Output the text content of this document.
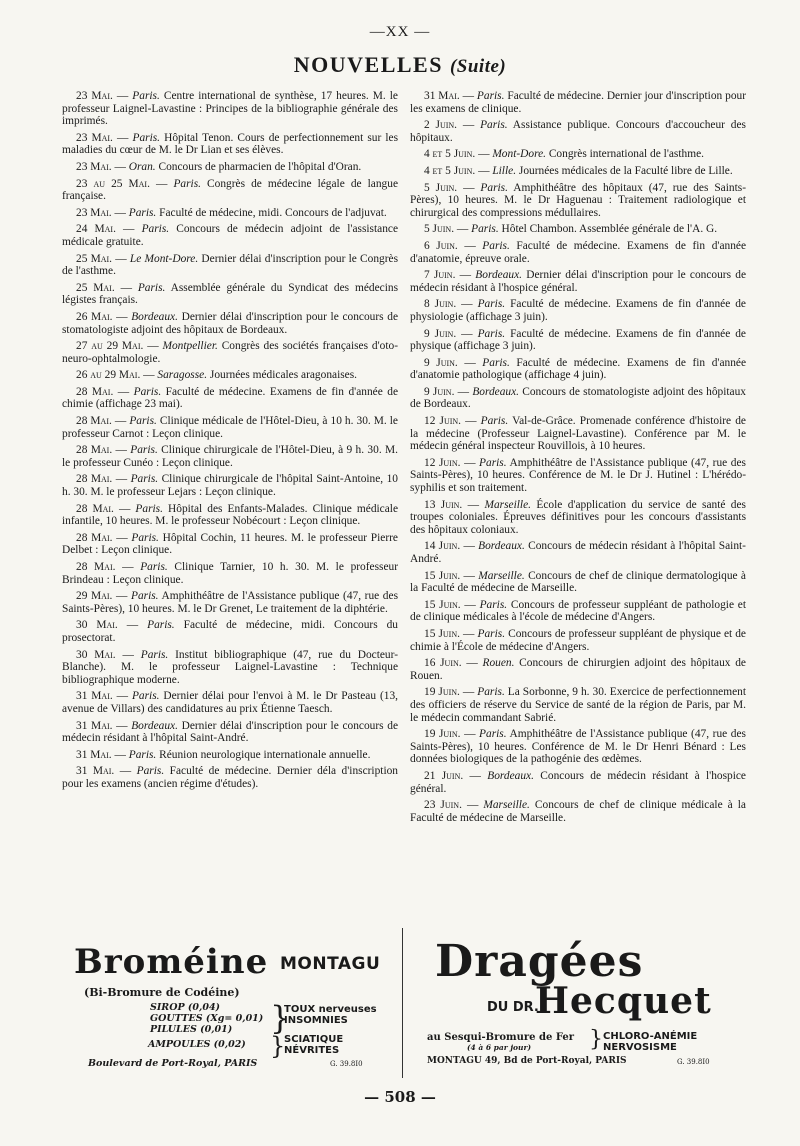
—XX —
NOUVELLES (Suite)

23 Mai. — Paris. Centre international de synthèse, 17 heures. M. le professeur Laignel-Lavastine : Principes de la bibliographie générale des imprimés.

23 Mai. — Paris. Hôpital Tenon. Cours de perfectionnement sur les maladies du cœur de M. le Dr Lian et ses élèves.

23 Mai. — Oran. Concours de pharmacien de l'hôpital d'Oran.

23 au 25 Mai. — Paris. Congrès de médecine légale de langue française.

23 Mai. — Paris. Faculté de médecine, midi. Concours de l'adjuvat.

24 Mai. — Paris. Concours de médecin adjoint de l'assistance médicale gratuite.

25 Mai. — Le Mont-Dore. Dernier délai d'inscription pour le Congrès de l'asthme.

25 Mai. — Paris. Assemblée générale du Syndicat des médecins légistes français.

26 Mai. — Bordeaux. Dernier délai d'inscription pour le concours de stomatologiste adjoint des hôpitaux de Bordeaux.

27 au 29 Mai. — Montpellier. Congrès des sociétés françaises d'oto-neuro-ophtalmologie.

26 au 29 Mai. — Saragosse. Journées médicales aragonaises.

28 Mai. — Paris. Faculté de médecine. Examens de fin d'année de chimie (affichage 23 mai).

28 Mai. — Paris. Clinique médicale de l'Hôtel-Dieu, à 10 h. 30. M. le professeur Carnot : Leçon clinique.

28 Mai. — Paris. Clinique chirurgicale de l'Hôtel-Dieu, à 9 h. 30. M. le professeur Cunéo : Leçon clinique.

28 Mai. — Paris. Clinique chirurgicale de l'hôpital Saint-Antoine, 10 h. 30. M. le professeur Lejars : Leçon clinique.

28 Mai. — Paris. Hôpital des Enfants-Malades. Clinique médicale infantile, 10 heures. M. le professeur Nobécourt : Leçon clinique.

28 Mai. — Paris. Hôpital Cochin, 11 heures. M. le professeur Pierre Delbet : Leçon clinique.

28 Mai. — Paris. Clinique Tarnier, 10 h. 30. M. le professeur Brindeau : Leçon clinique.

29 Mai. — Paris. Amphithéâtre de l'Assistance publique (47, rue des Saints-Pères), 10 heures. M. le Dr Grenet, Le traitement de la diphtérie.

30 Mai. — Paris. Faculté de médecine, midi. Concours du prosectorat.

30 Mai. — Paris. Institut bibliographique (47, rue du Docteur-Blanche). M. le professeur Laignel-Lavastine : Technique bibliographique moderne.

31 Mai. — Paris. Dernier délai pour l'envoi à M. le Dr Pasteau (13, avenue de Villars) des candidatures au prix Étienne Taesch.

31 Mai. — Bordeaux. Dernier délai d'inscription pour le concours de médecin résidant à l'hôpital Saint-André.

31 Mai. — Paris. Réunion neurologique internationale annuelle.

31 Mai. — Paris. Faculté de médecine. Dernier déla d'inscription pour les examens (ancien régime d'études).

31 Mai. — Paris. Faculté de médecine. Dernier jour d'inscription pour les examens de clinique.

2 Juin. — Paris. Assistance publique. Concours d'accoucheur des hôpitaux.

4 et 5 Juin. — Mont-Dore. Congrès international de l'asthme.

4 et 5 Juin. — Lille. Journées médicales de la Faculté libre de Lille.

5 Juin. — Paris. Amphithéâtre des hôpitaux (47, rue des Saints-Pères), 10 heures. M. le Dr Haguenau : Traitement radiologique et chirurgical des compressions médullaires.

5 Juin. — Paris. Hôtel Chambon. Assemblée générale de l'A. G.

6 Juin. — Paris. Faculté de médecine. Examens de fin d'année d'anatomie, épreuve orale.

7 Juin. — Bordeaux. Dernier délai d'inscription pour le concours de médecin résidant à l'hospice général.

8 Juin. — Paris. Faculté de médecine. Examens de fin d'année de physiologie (affichage 3 juin).

9 Juin. — Paris. Faculté de médecine. Examens de fin d'année de physique (affichage 3 juin).

9 Juin. — Paris. Faculté de médecine. Examens de fin d'année d'anatomie pathologique (affichage 4 juin).

9 Juin. — Bordeaux. Concours de stomatologiste adjoint des hôpitaux de Bordeaux.

12 Juin. — Paris. Val-de-Grâce. Promenade conférence d'histoire de la médecine (Professeur Laignel-Lavastine). Conférence par M. le médecin général inspecteur Rouvillois, à 10 heures.

12 Juin. — Paris. Amphithéâtre de l'Assistance publique (47, rue des Saints-Pères), 10 heures. Conférence de M. le Dr J. Hutinel : L'hérédo-syphilis et son traitement.

13 Juin. — Marseille. École d'application du service de santé des troupes coloniales. Épreuves définitives pour les concours d'assistants des hôpitaux coloniaux.

14 Juin. — Bordeaux. Concours de médecin résidant à l'hôpital Saint-André.

15 Juin. — Marseille. Concours de chef de clinique dermatologique à la Faculté de médecine de Marseille.

15 Juin. — Paris. Concours de professeur suppléant de pathologie et de clinique médicales à l'école de médecine d'Angers.

15 Juin. — Paris. Concours de professeur suppléant de physique et de chimie à l'École de médecine d'Angers.

16 Juin. — Rouen. Concours de chirurgien adjoint des hôpitaux de Rouen.

19 Juin. — Paris. La Sorbonne, 9 h. 30. Exercice de perfectionnement des officiers de réserve du Service de santé de la région de Paris, par M. le médecin commandant Sabrié.

19 Juin. — Paris. Amphithéâtre de l'Assistance publique (47, rue des Saints-Pères), 10 heures. Conférence de M. le Dr Henri Bénard : Les données biologiques de la pathogénie des œdèmes.

21 Juin. — Bordeaux. Concours de médecin résidant à l'hospice général.

23 Juin. — Marseille. Concours de chef de clinique médicale à la Faculté de médecine de Marseille.

Broméine MONTAGU
(Bi-Bromure de Codéine)
SIROP (0,04)
GOUTTES (Xg= 0,01)
PILULES (0,01)	}
TOUX nerveuses
INSOMNIES
SCIATIQUE
NÉVRITES
AMPOULES (0,02) }
Boulevard de Port-Royal, PARIS	G. 39.8I0
Dragées
DU DR.
Hecquet
au Sesqui-Bromure de Fer
(4 à 6 par jour)	} CHLORO-ANÉMIE
NERVOSISME
MONTAGU 49, Bd de Port-Royal, PARIS	G. 39.8I0
— 508 —
